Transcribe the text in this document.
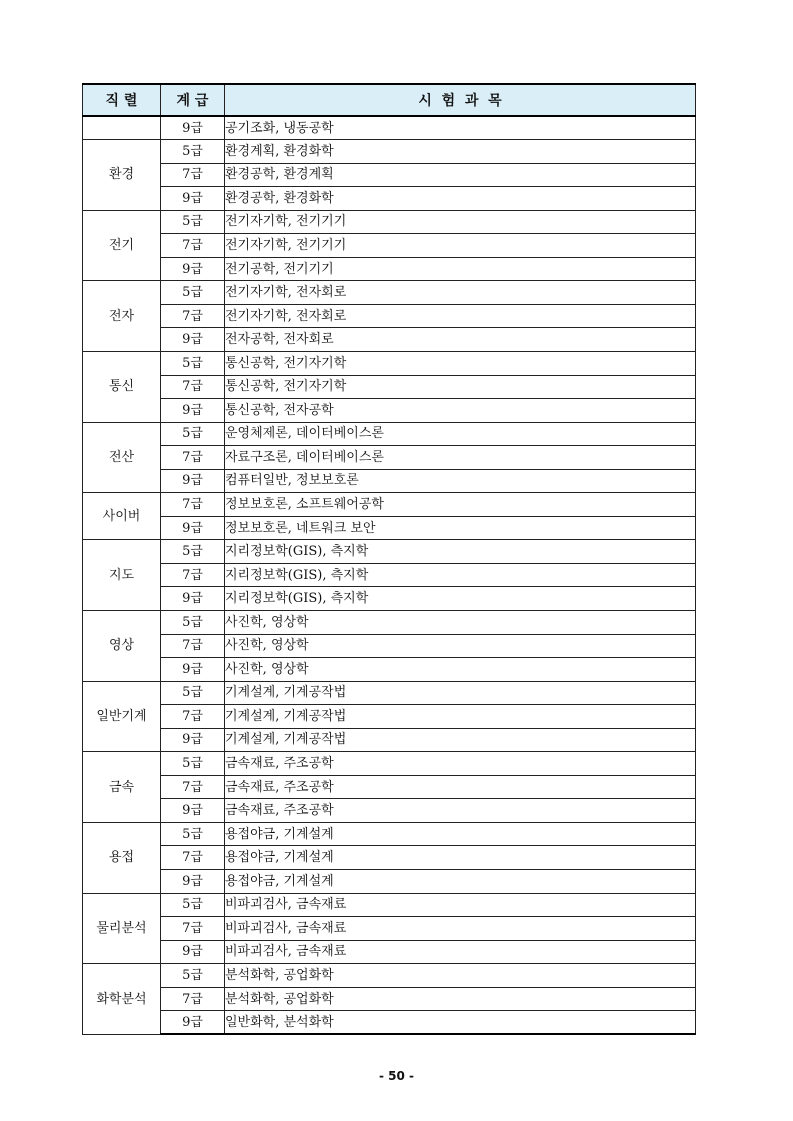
직 렬	계 급	시  험  과  목
	9급	공기조화, 냉동공학
환경	5급	환경계획, 환경화학
	7급	환경공학, 환경계획
	9급	환경공학, 환경화학
전기	5급	전기자기학, 전기기기
	7급	전기자기학, 전기기기
	9급	전기공학, 전기기기
전자	5급	전기자기학, 전자회로
	7급	전기자기학, 전자회로
	9급	전자공학, 전자회로
통신	5급	통신공학, 전기자기학
	7급	통신공학, 전기자기학
	9급	통신공학, 전자공학
전산	5급	운영체제론, 데이터베이스론
	7급	자료구조론, 데이터베이스론
	9급	컴퓨터일반, 정보보호론
사이버	7급	정보보호론, 소프트웨어공학
	9급	정보보호론, 네트워크 보안
지도	5급	지리정보학(GIS), 측지학
	7급	지리정보학(GIS), 측지학
	9급	지리정보학(GIS), 측지학
영상	5급	사진학, 영상학
	7급	사진학, 영상학
	9급	사진학, 영상학
일반기계	5급	기계설계, 기계공작법
	7급	기계설계, 기계공작법
	9급	기계설계, 기계공작법
금속	5급	금속재료, 주조공학
	7급	금속재료, 주조공학
	9급	금속재료, 주조공학
용접	5급	용접야금, 기계설계
	7급	용접야금, 기계설계
	9급	용접야금, 기계설계
물리분석	5급	비파괴검사, 금속재료
	7급	비파괴검사, 금속재료
	9급	비파괴검사, 금속재료
화학분석	5급	분석화학, 공업화학
	7급	분석화학, 공업화학
	9급	일반화학, 분석화학
- 50 -
